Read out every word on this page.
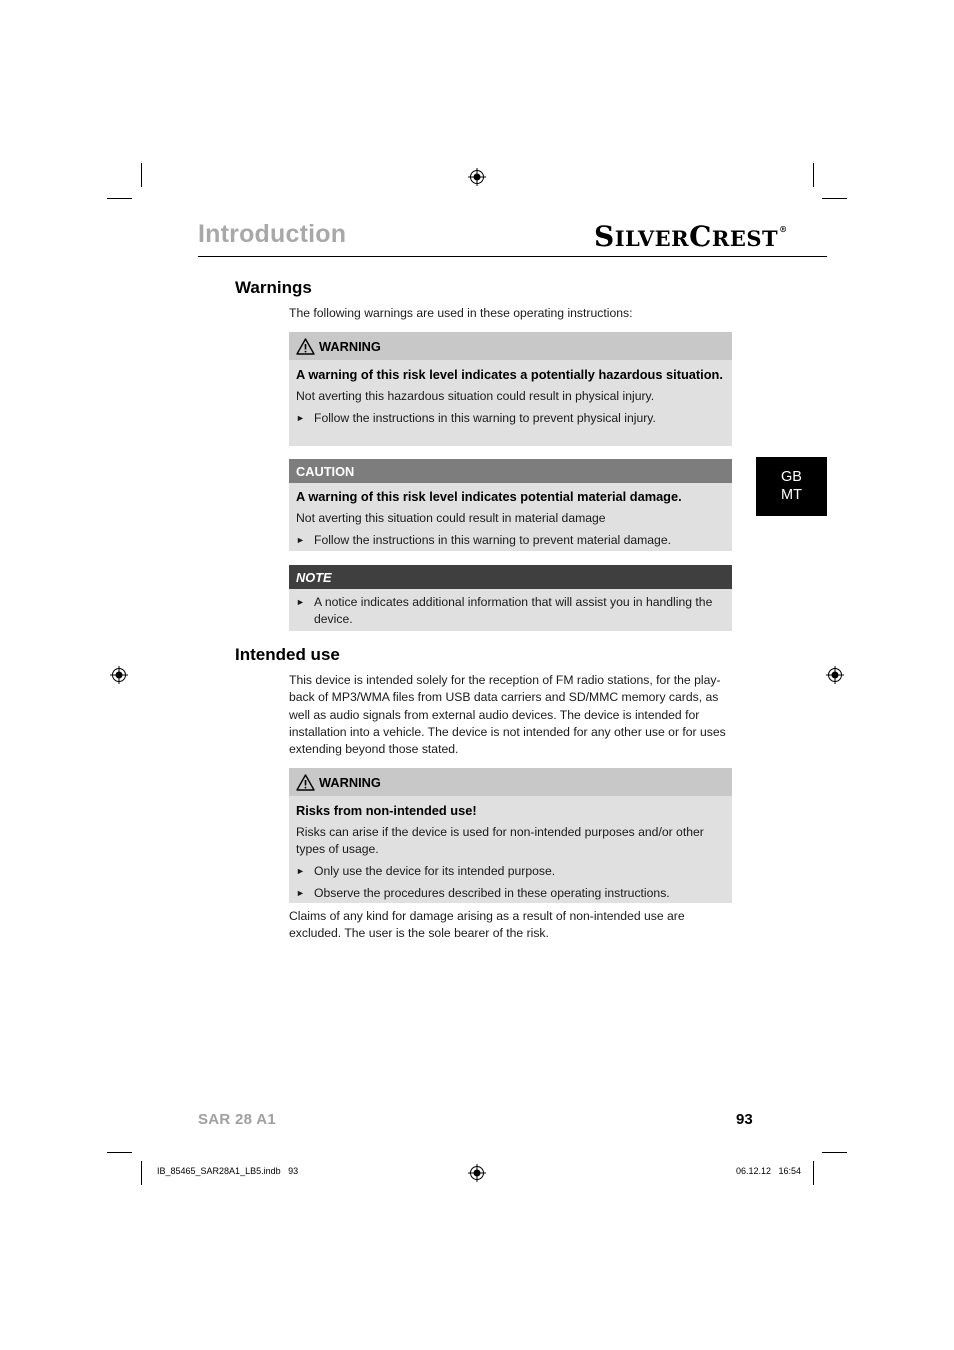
Introduction	SILVERCREST®
Warnings
The following warnings are used in these operating instructions:
WARNING
A warning of this risk level indicates a potentially hazardous situation.
Not averting this hazardous situation could result in physical injury.
► Follow the instructions in this warning to prevent physical injury.
CAUTION
A warning of this risk level indicates potential material damage.
Not averting this situation could result in material damage
► Follow the instructions in this warning to prevent material damage.
NOTE
► A notice indicates additional information that will assist you in handling the device.
Intended use
This device is intended solely for the reception of FM radio stations, for the play-back of MP3/WMA files from USB data carriers and SD/MMC memory cards, as well as audio signals from external audio devices. The device is intended for installation into a vehicle. The device is not intended for any other use or for uses extending beyond those stated.
WARNING
Risks from non-intended use!
Risks can arise if the device is used for non-intended purposes and/or other types of usage.
► Only use the device for its intended purpose.
► Observe the procedures described in these operating instructions.
Claims of any kind for damage arising as a result of non-intended use are excluded. The user is the sole bearer of the risk.
GB
MT
SAR 28 A1	93
IB_85465_SAR28A1_LB5.indb   93	06.12.12   16:54
